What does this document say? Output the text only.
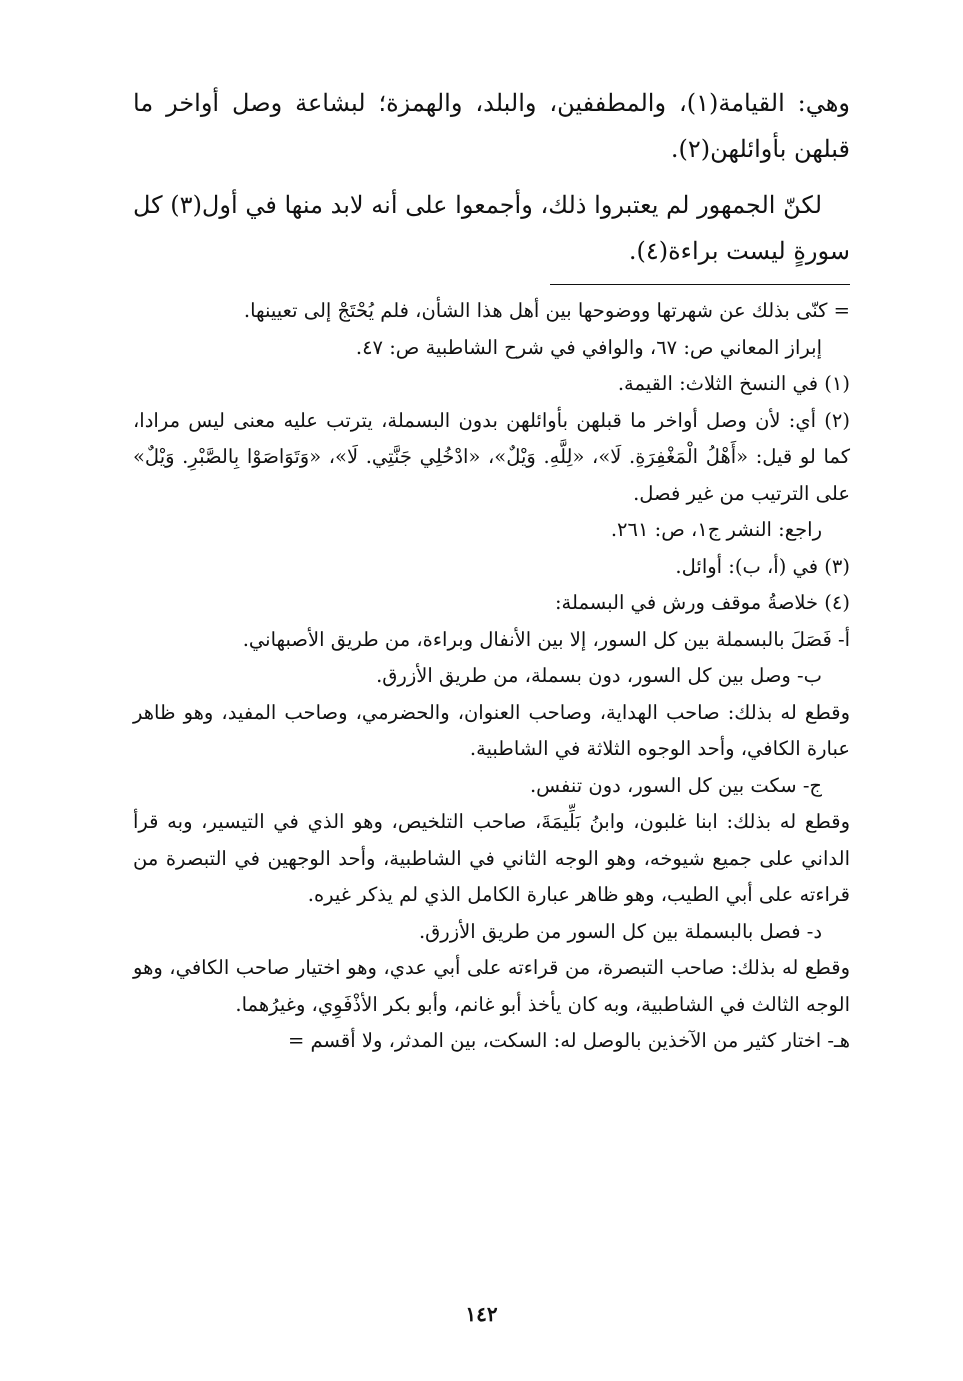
وهي: القيامة(١)، والمطففين، والبلد، والهمزة؛ لبشاعة وصل أواخر ما قبلهن بأوائلهن(٢).

لكنّ الجمهور لم يعتبروا ذلك، وأجمعوا على أنه لابد منها في أول(٣) كل سورةٍ ليست براءة(٤).

= كنّى بذلك عن شهرتها ووضوحها بين أهل هذا الشأن، فلم يُحْتَجْ إلى تعيينها.

إبراز المعاني ص: ٦٧، والوافي في شرح الشاطبية ص: ٤٧.

(١) في النسخ الثلاث: القيمة.

(٢) أي: لأن وصل أواخر ما قبلهن بأوائلهن بدون البسملة، يترتب عليه معنى ليس مرادا، كما لو قيل: «أَهْلُ الْمَغْفِرَةِ. لَا»، «لِلَّهِ. وَيْلٌ»، «ادْخُلِي جَنَّتِي. لَا»، «وَتَوَاصَوْا بِالصَّبْرِ. وَيْلٌ» على الترتيب من غير فصل.

راجع: النشر ج١، ص: ٢٦١.

(٣) في (أ، ب): أوائل.

(٤) خلاصةُ موقف ورش في البسملة:

أ- فَصَلَ بالبسملة بين كل السور، إلا بين الأنفال وبراءة، من طريق الأصبهاني.

ب- وصل بين كل السور، دون بسملة، من طريق الأزرق.

وقطع له بذلك: صاحب الهداية، وصاحب العنوان، والحضرمي، وصاحب المفيد، وهو ظاهر عبارة الكافي، وأحد الوجوه الثلاثة في الشاطبية.

ج- سكت بين كل السور، دون تنفس.

وقطع له بذلك: ابنا غلبون، وابنُ بَلِّيمَةَ، صاحب التلخيص، وهو الذي في التيسير، وبه قرأ الداني على جميع شيوخه، وهو الوجه الثاني في الشاطبية، وأحد الوجهين في التبصرة من قراءته على أبي الطيب، وهو ظاهر عبارة الكامل الذي لم يذكر غيره.

د- فصل بالبسملة بين كل السور من طريق الأزرق.

وقطع له بذلك: صاحب التبصرة، من قراءته على أبي عدي، وهو اختيار صاحب الكافي، وهو الوجه الثالث في الشاطبية، وبه كان يأخذ أبو غانم، وأبو بكر الأذْفَوِي، وغيرُهما.

هـ- اختار كثير من الآخذين بالوصل له: السكت، بين المدثر، ولا أقسم =

١٤٢
